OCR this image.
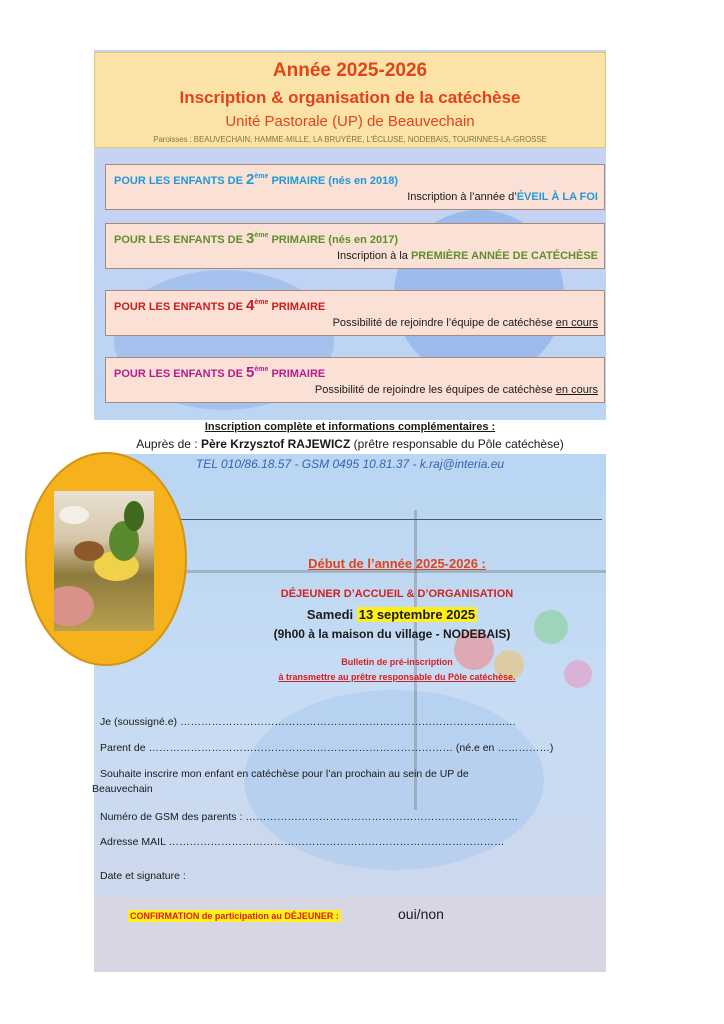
Année 2025-2026
Inscription & organisation de la catéchèse
Unité Pastorale (UP) de Beauvechain
Paroisses : BEAUVECHAIN, HAMME-MILLE, LA BRUYÈRE, L’ÉCLUSE, NODEBAIS, TOURINNES-LA-GROSSE
POUR LES ENFANTS DE 2ème PRIMAIRE (nés en 2018)
Inscription à l’année d’ÉVEIL À LA FOI
POUR LES ENFANTS DE 3ème PRIMAIRE (nés en 2017)
Inscription à la PREMIÈRE ANNÉE DE CATÉCHÈSE
POUR LES ENFANTS DE 4ème PRIMAIRE
Possibilité de rejoindre l’équipe de catéchèse en cours
POUR LES ENFANTS DE 5ème PRIMAIRE
Possibilité de rejoindre les équipes de catéchèse en cours
Inscription complète et informations complémentaires :
Auprès de : Père Krzysztof RAJEWICZ (prêtre responsable du Pôle catéchèse)
TEL 010/86.18.57 - GSM 0495 10.81.37 - k.raj@interia.eu
Début de l’année 2025-2026 :
DÉJEUNER D’ACCUEIL & D’ORGANISATION
Samedi 13 septembre 2025
(9h00 à la maison du village - NODEBAIS)
Bulletin de pré-inscription
à transmettre au prêtre responsable du Pôle catéchèse.
Je (soussigné.e) ……………………………………………………………………………………
Parent de …………………………………………………………………………… (né.e en ……………)
Souhaite inscrire mon enfant en catéchèse pour l’an prochain au sein de UP de
Beauvechain
Numéro de GSM des parents : ……………………………………………………………………
Adresse MAIL ……………………………………………………………………………………
Date et signature :
CONFIRMATION de participation au DÉJEUNER :	oui/non
